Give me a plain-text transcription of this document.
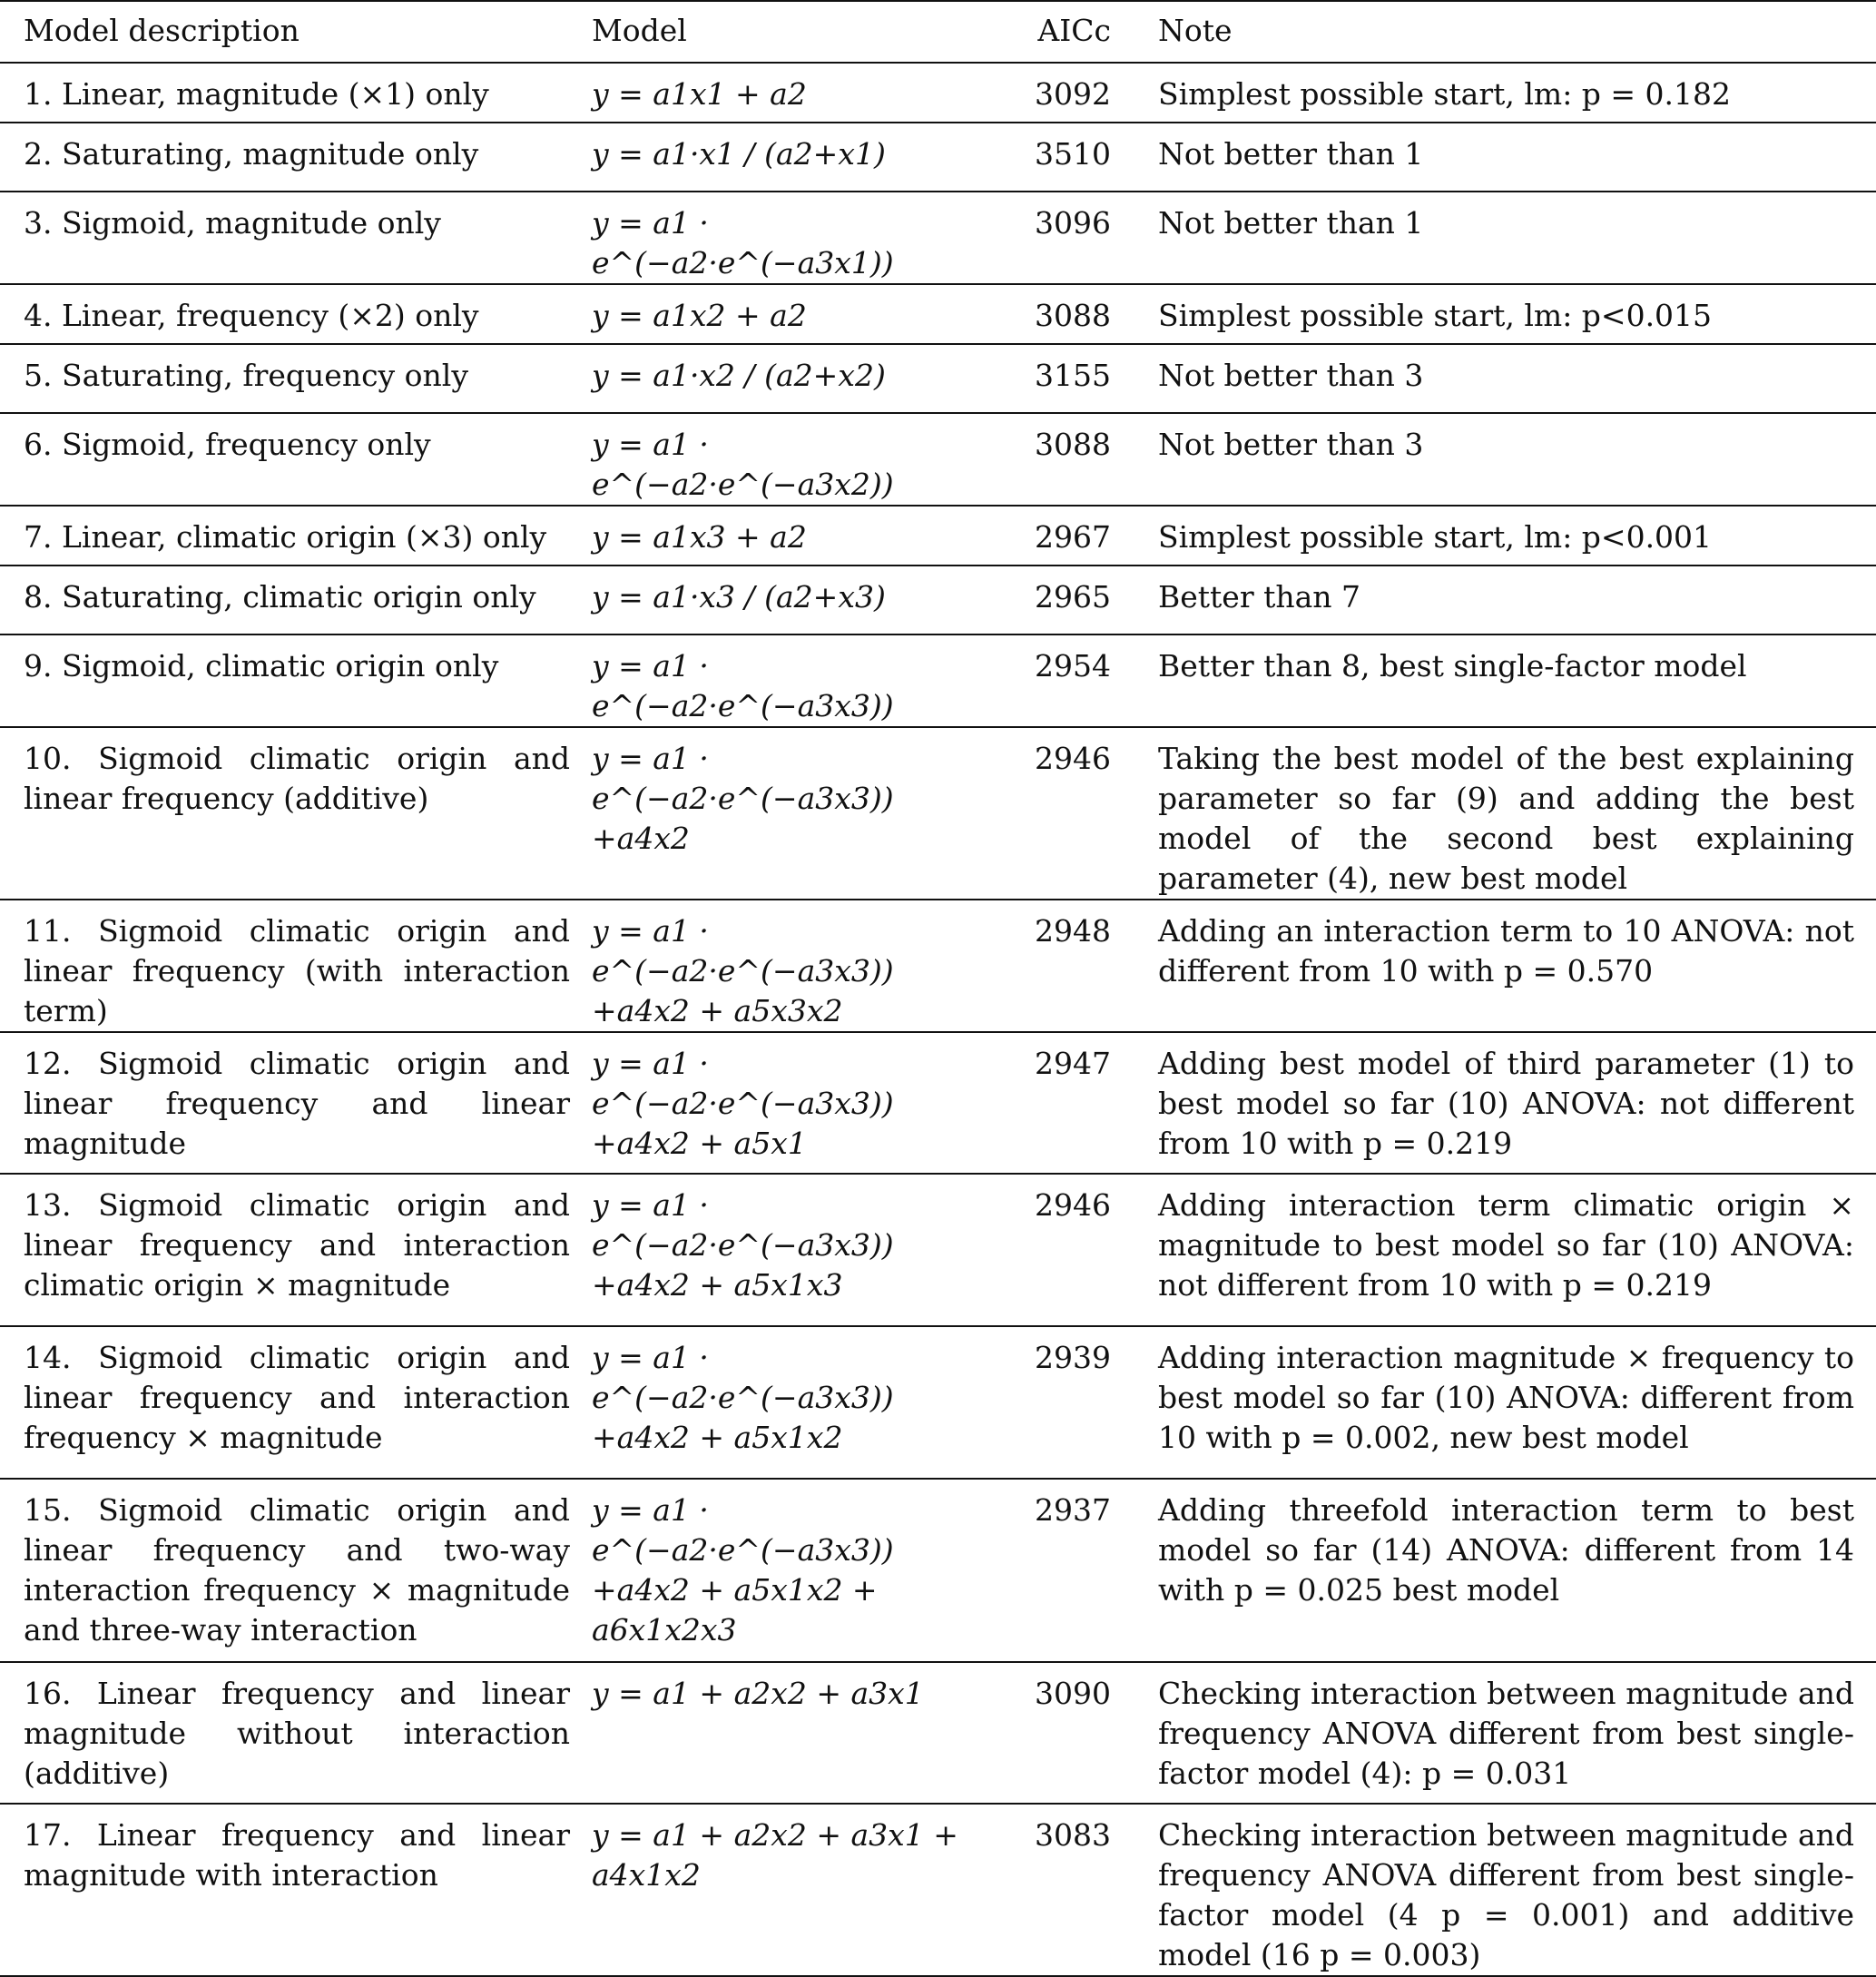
Model description	Model	AICc	Note
1. Linear, magnitude (×1) only	y = a1x1 + a2	3092	Simplest possible start, lm: p = 0.182
2. Saturating, magnitude only	y = a1·x1 / (a2+x1)	3510	Not better than 1
3. Sigmoid, magnitude only	y = a1 · e^(−a2·e^(−a3x1))	3096	Not better than 1
4. Linear, frequency (×2) only	y = a1x2 + a2	3088	Simplest possible start, lm: p<0.015
5. Saturating, frequency only	y = a1·x2 / (a2+x2)	3155	Not better than 3
6. Sigmoid, frequency only	y = a1 · e^(−a2·e^(−a3x2))	3088	Not better than 3
7. Linear, climatic origin (×3) only	y = a1x3 + a2	2967	Simplest possible start, lm: p<0.001
8. Saturating, climatic origin only	y = a1·x3 / (a2+x3)	2965	Better than 7
9. Sigmoid, climatic origin only	y = a1 · e^(−a2·e^(−a3x3))	2954	Better than 8, best single-factor model
10. Sigmoid climatic origin and linear frequency (additive)	y = a1 · e^(−a2·e^(−a3x3)) +a4x2	2946	Taking the best model of the best explaining parameter so far (9) and adding the best model of the second best explaining parameter (4), new best model
11. Sigmoid climatic origin and linear frequency (with interaction term)	y = a1 · e^(−a2·e^(−a3x3)) +a4x2 + a5x3x2	2948	Adding an interaction term to 10 ANOVA: not different from 10 with p = 0.570
12. Sigmoid climatic origin and linear frequency and linear magnitude	y = a1 · e^(−a2·e^(−a3x3)) +a4x2 + a5x1	2947	Adding best model of third parameter (1) to best model so far (10) ANOVA: not different from 10 with p = 0.219
13. Sigmoid climatic origin and linear frequency and interaction climatic origin × magnitude	y = a1 · e^(−a2·e^(−a3x3)) +a4x2 + a5x1x3	2946	Adding interaction term climatic origin × magnitude to best model so far (10) ANOVA: not different from 10 with p = 0.219
14. Sigmoid climatic origin and linear frequency and interaction frequency × magnitude	y = a1 · e^(−a2·e^(−a3x3)) +a4x2 + a5x1x2	2939	Adding interaction magnitude × frequency to best model so far (10) ANOVA: different from 10 with p = 0.002, new best model
15. Sigmoid climatic origin and linear frequency and two-way interaction frequency × magnitude and three-way interaction	y = a1 · e^(−a2·e^(−a3x3)) +a4x2 + a5x1x2 + a6x1x2x3	2937	Adding threefold interaction term to best model so far (14) ANOVA: different from 14 with p = 0.025 best model
16. Linear frequency and linear magnitude without interaction (additive)	y = a1 + a2x2 + a3x1	3090	Checking interaction between magnitude and frequency ANOVA different from best single-factor model (4): p = 0.031
17. Linear frequency and linear magnitude with interaction	y = a1 + a2x2 + a3x1 + a4x1x2	3083	Checking interaction between magnitude and frequency ANOVA different from best single-factor model (4 p = 0.001) and additive model (16 p = 0.003)
